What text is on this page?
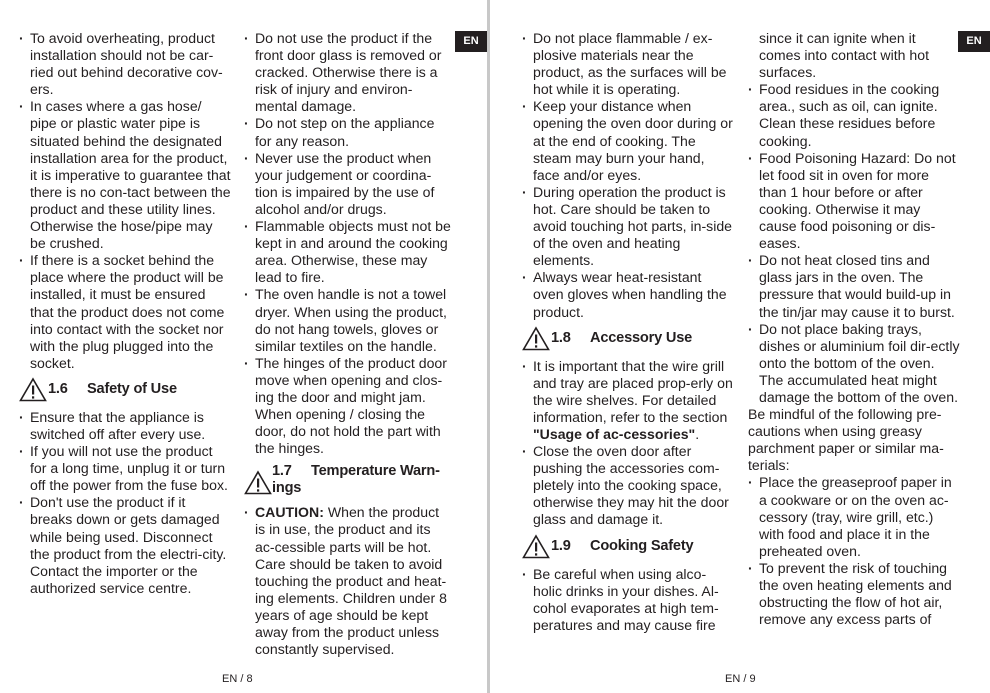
· To avoid overheating, product installation should not be car-ried out behind decorative cov-ers.
· In cases where a gas hose/ pipe or plastic water pipe is situated behind the designated installation area for the product, it is imperative to guarantee that there is no con-tact between the product and these utility lines. Otherwise the hose/pipe may be crushed.
· If there is a socket behind the place where the product will be installed, it must be ensured that the product does not come into contact with the socket nor with the plug plugged into the socket.
1.6	Safety of Use
· Ensure that the appliance is switched off after every use.
· If you will not use the product for a long time, unplug it or turn off the power from the fuse box.
· Don't use the product if it breaks down or gets damaged while being used. Disconnect the product from the electri-city. Contact the importer or the authorized service centre.
· Do not use the product if the front door glass is removed or cracked. Otherwise there is a risk of injury and environ-mental damage.
· Do not step on the appliance for any reason.
· Never use the product when your judgement or coordina-tion is impaired by the use of alcohol and/or drugs.
· Flammable objects must not be kept in and around the cooking area. Otherwise, these may lead to fire.
· The oven handle is not a towel dryer. When using the product, do not hang towels, gloves or similar textiles on the handle.
· The hinges of the product door move when opening and clos-ing the door and might jam. When opening / closing the door, do not hold the part with the hinges.
1.7 Temperature Warn-ings
· CAUTION: When the product is in use, the product and its ac-cessible parts will be hot. Care should be taken to avoid touching the product and heat-ing elements. Children under 8 years of age should be kept away from the product unless constantly supervised.
EN
EN / 8
· Do not place flammable / ex-plosive materials near the product, as the surfaces will be hot while it is operating.
· Keep your distance when opening the oven door during or at the end of cooking. The steam may burn your hand, face and/or eyes.
· During operation the product is hot. Care should be taken to avoid touching hot parts, in-side of the oven and heating elements.
· Always wear heat-resistant oven gloves when handling the product.
1.8	Accessory Use
· It is important that the wire grill and tray are placed prop-erly on the wire shelves. For detailed information, refer to the section "Usage of ac-cessories".
· Close the oven door after pushing the accessories com-pletely into the cooking space, otherwise they may hit the door glass and damage it.
1.9	Cooking Safety
· Be careful when using alco-holic drinks in your dishes. Al-cohol evaporates at high tem-peratures and may cause fire

since it can ignite when it comes into contact with hot surfaces.

· Food residues in the cooking area., such as oil, can ignite. Clean these residues before cooking.
· Food Poisoning Hazard: Do not let food sit in oven for more than 1 hour before or after cooking. Otherwise it may cause food poisoning or dis-eases.
· Do not heat closed tins and glass jars in the oven. The pressure that would build-up in the tin/jar may cause it to burst.
· Do not place baking trays, dishes or aluminium foil dir-ectly onto the bottom of the oven. The accumulated heat might damage the bottom of the oven.

Be mindful of the following pre-cautions when using greasy parchment paper or similar ma-terials:

· Place the greaseproof paper in a cookware or on the oven ac-cessory (tray, wire grill, etc.) with food and place it in the preheated oven.
· To prevent the risk of touching the oven heating elements and obstructing the flow of hot air, remove any excess parts of
EN
EN / 9
